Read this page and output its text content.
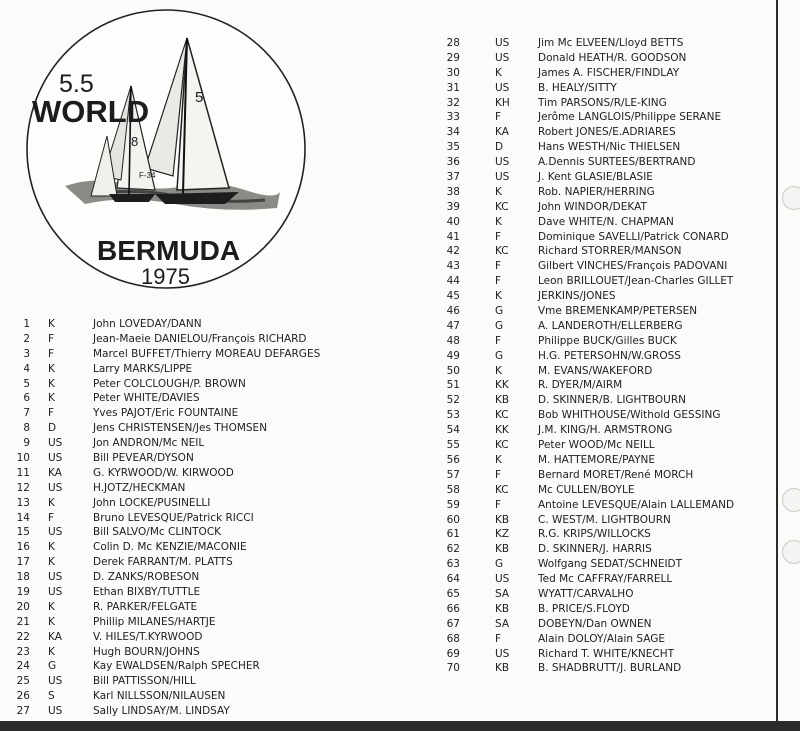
5.5
WORLD
BERMUDA
1975
5
8
F-34
1 K	John LOVEDAY/DANN
2 F	Jean-Maeie DANIELOU/François RICHARD
3 F	Marcel BUFFET/Thierry MOREAU DEFARGES
4 K	Larry MARKS/LIPPE
5 K	Peter COLCLOUGH/P. BROWN
6 K	Peter WHITE/DAVIES
7 F	Yves PAJOT/Eric FOUNTAINE
8 D	Jens CHRISTENSEN/Jes THOMSEN
9 US	Jon ANDRON/Mc NEIL
10 US	Bill PEVEAR/DYSON
11 KA	G. KYRWOOD/W. KIRWOOD
12 US	H.JOTZ/HECKMAN
13 K	John LOCKE/PUSINELLI
14 F	Bruno LEVESQUE/Patrick RICCI
15 US	Bill SALVO/Mc CLINTOCK
16 K	Colin D. Mc KENZIE/MACONIE
17 K	Derek FARRANT/M. PLATTS
18 US	D. ZANKS/ROBESON
19 US	Ethan BIXBY/TUTTLE
20 K	R. PARKER/FELGATE
21 K	Phillip MILANES/HARTJE
22 KA	V. HILES/T.KYRWOOD
23 K	Hugh BOURN/JOHNS
24 G	Kay EWALDSEN/Ralph SPECHER
25 US	Bill PATTISSON/HILL
26 S	Karl NILLSSON/NILAUSEN
27 US	Sally LINDSAY/M. LINDSAY
28	US	Jim Mc ELVEEN/Lloyd BETTS
29	US	Donald HEATH/R. GOODSON
30	K	James A. FISCHER/FINDLAY
31	US	B. HEALY/SITTY
32	KH	Tim PARSONS/R/LE-KING
33	F	Jerôme LANGLOIS/Philippe SERANE
34	KA	Robert JONES/E.ADRIARES
35	D	Hans WESTH/Nic THIELSEN
36	US	A.Dennis SURTEES/BERTRAND
37	US	J. Kent GLASIE/BLASIE
38	K	Rob. NAPIER/HERRING
39	KC	John WINDOR/DEKAT
40	K	Dave WHITE/N. CHAPMAN
41	F	Dominique SAVELLI/Patrick CONARD
42	KC	Richard STORRER/MANSON
43	F	Gilbert VINCHES/François PADOVANI
44	F	Leon BRILLOUET/Jean-Charles GILLET
45	K	JERKINS/JONES
46	G	Vme BREMENKAMP/PETERSEN
47	G	A. LANDEROTH/ELLERBERG
48	F	Philippe BUCK/Gilles BUCK
49	G	H.G. PETERSOHN/W.GROSS
50	K	M. EVANS/WAKEFORD
51	KK	R. DYER/M/AIRM
52	KB	D. SKINNER/B. LIGHTBOURN
53	KC	Bob WHITHOUSE/Withold GESSING
54	KK	J.M. KING/H. ARMSTRONG
55	KC	Peter WOOD/Mc NEILL
56	K	M. HATTEMORE/PAYNE
57	F	Bernard MORET/René MORCH
58	KC	Mc CULLEN/BOYLE
59	F	Antoine LEVESQUE/Alain LALLEMAND
60	KB	C. WEST/M. LIGHTBOURN
61	KZ	R.G. KRIPS/WILLOCKS
62	KB	D. SKINNER/J. HARRIS
63	G	Wolfgang SEDAT/SCHNEIDT
64	US	Ted Mc CAFFRAY/FARRELL
65	SA	WYATT/CARVALHO
66	KB	B. PRICE/S.FLOYD
67	SA	DOBEYN/Dan OWNEN
68	F	Alain DOLOY/Alain SAGE
69	US	Richard T. WHITE/KNECHT
70	KB	B. SHADBRUTT/J. BURLAND
